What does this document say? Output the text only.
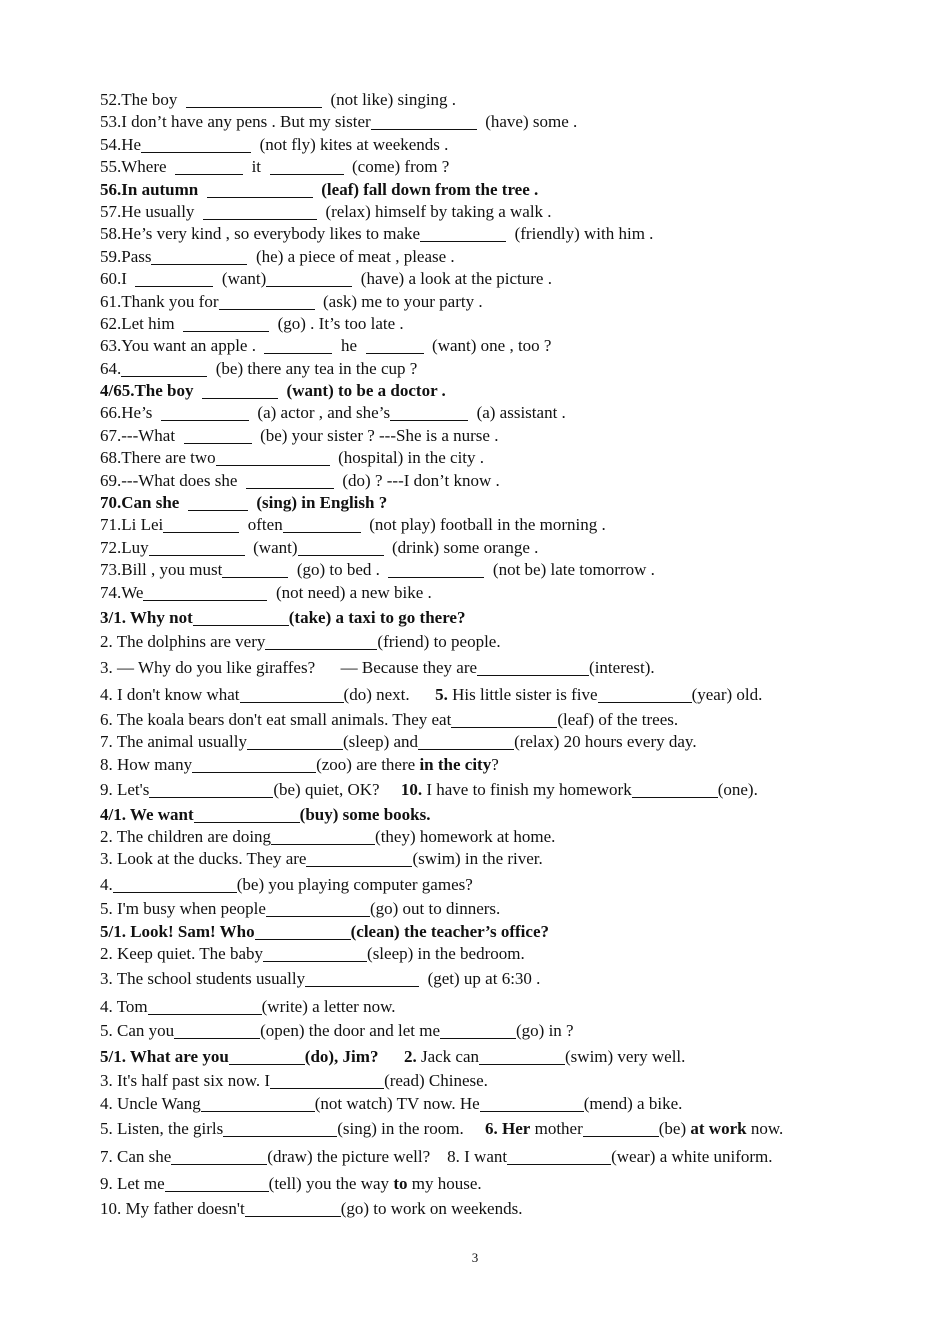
52.The boy	(not like) singing .
53.I don’t have any pens . But my sister	(have) some .
54.He	(not fly) kites at weekends .
55.Where	it	(come) from ?
56.In autumn	(leaf) fall down from the tree .
57.He usually	(relax) himself by taking a walk .
58.He’s very kind , so everybody likes to make	(friendly) with him .
59.Pass	(he) a piece of meat , please .
60.I	(want)	(have) a look at the picture .
61.Thank you for	(ask) me to your party .
62.Let him	(go) . It’s too late .
63.You want an apple .	he	(want) one , too ?
64.	(be) there any tea in the cup ?
4/65.The boy	(want) to be a doctor .
66.He’s	(a) actor , and she’s	(a) assistant .
67.---What	(be) your sister ? ---She is a nurse .
68.There are two	(hospital) in the city .
69.---What does she	(do) ? ---I don’t know .
70.Can she	(sing) in English ?
71.Li Lei	often	(not play) football in the morning .
72.Luy	(want)	(drink) some orange .
73.Bill , you must	(go) to bed .	(not be) late tomorrow .
74.We	(not need) a new bike .
3/1. Why not	(take) a taxi to go there?
2. The dolphins are very	(friend) to people.
3. — Why do you like giraffes?      — Because they are	(interest).
4. I don't know what	(do) next.      5. His little sister is five	(year) old.
6. The koala bears don't eat small animals. They eat	(leaf) of the trees.
7. The animal usually	(sleep) and	(relax) 20 hours every day.
8. How many	(zoo) are there in the city?
9. Let's	(be) quiet, OK?     10. I have to finish my homework	(one).
4/1. We want	(buy) some books.
2. The children are doing	(they) homework at home.
3. Look at the ducks. They are	(swim) in the river.
4.	(be) you playing computer games?
5. I'm busy when people	(go) out to dinners.
5/1. Look! Sam! Who	(clean) the teacher’s office?
2. Keep quiet. The baby	(sleep) in the bedroom.
3. The school students usually	(get) up at 6:30 .
4. Tom	(write) a letter now.
5. Can you	(open) the door and let me	(go) in ?
5/1. What are you	(do), Jim? 2. Jack can	(swim) very well.
3. It's half past six now. I	(read) Chinese.
4. Uncle Wang	(not watch) TV now. He	(mend) a bike.
5. Listen, the girls	(sing) in the room.     6. Her mother	(be) at work now.
7. Can she	(draw) the picture well?    8. I want	(wear) a white uniform.
9. Let me	(tell) you the way to my house.
10. My father doesn't	(go) to work on weekends.
3
